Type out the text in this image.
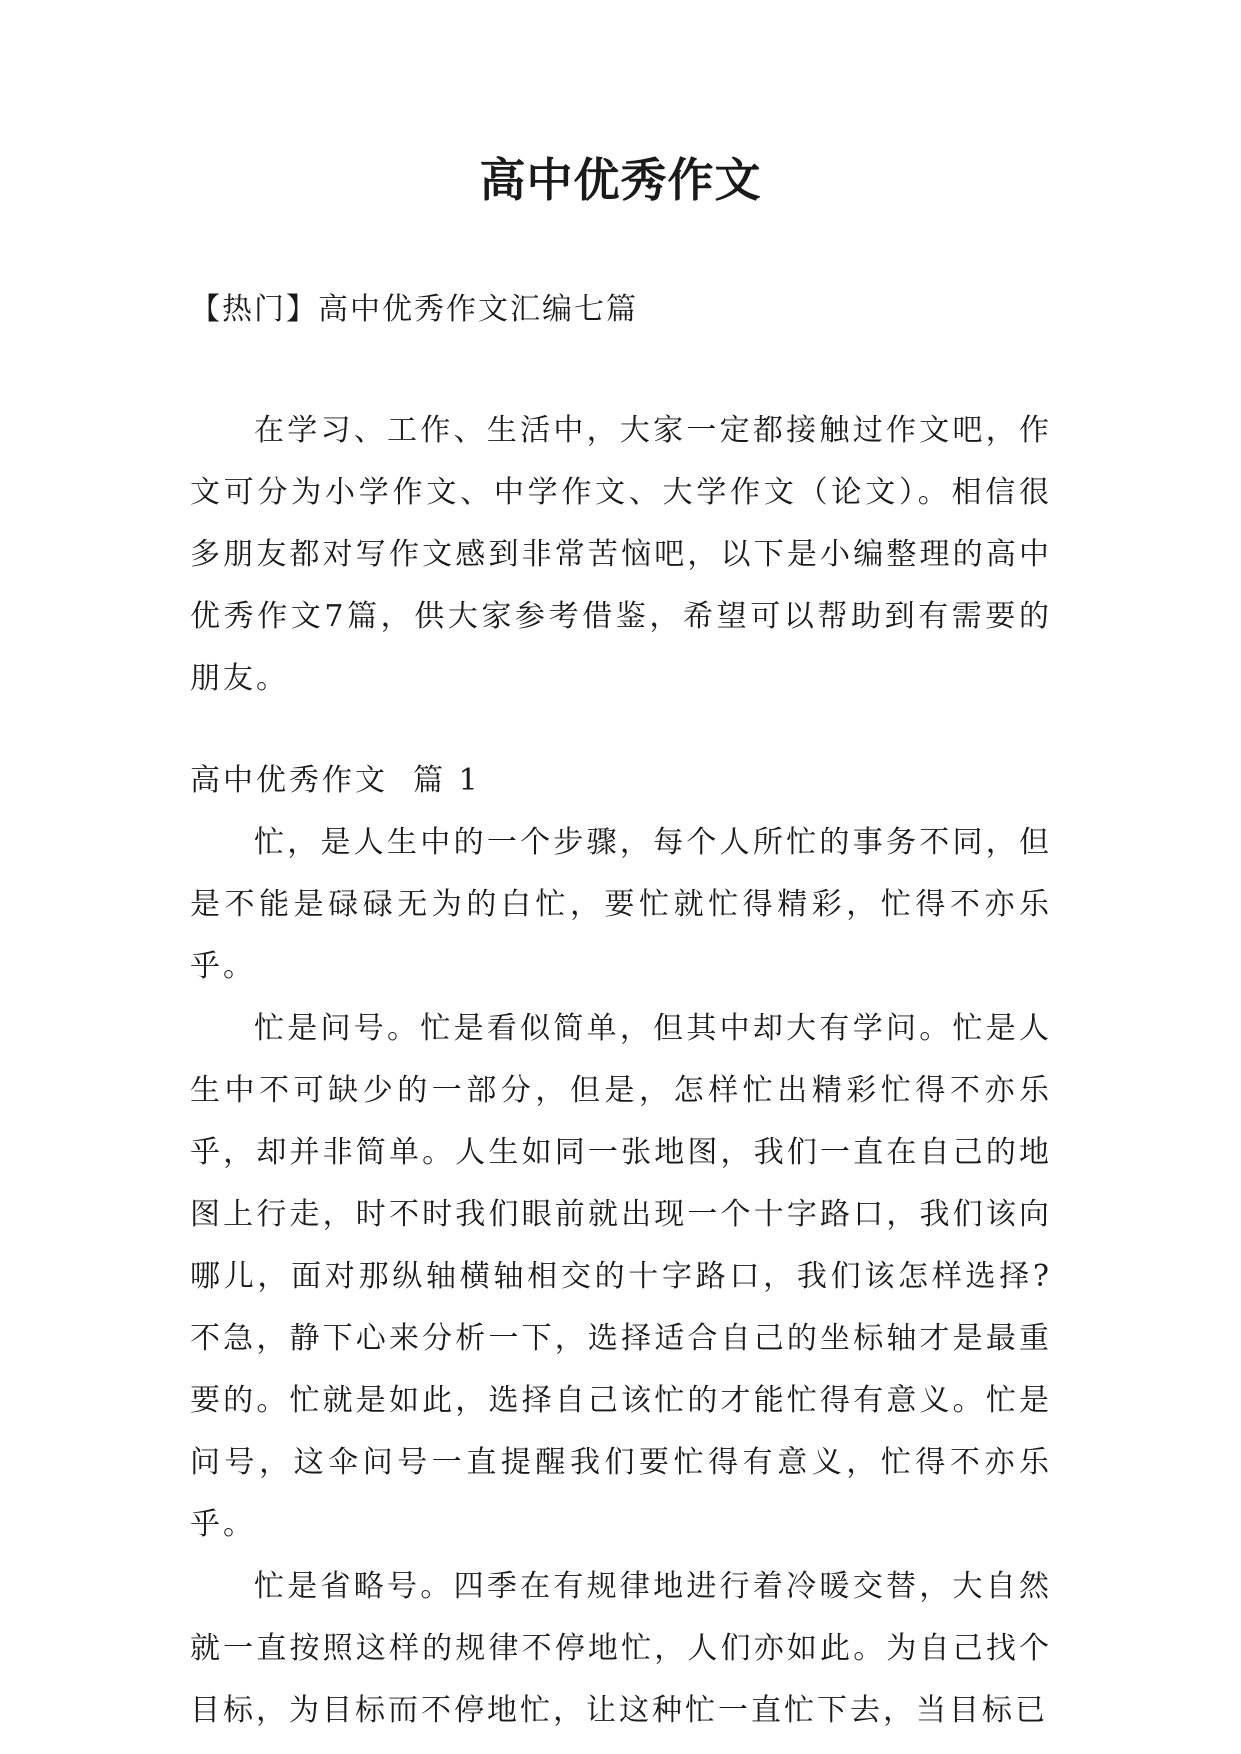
高中优秀作文
【热门】高中优秀作文汇编七篇

在学习、工作、生活中，大家一定都接触过作文吧，作文可分为小学作文、中学作文、大学作文（论文）。相信很多朋友都对写作文感到非常苦恼吧，以下是小编整理的高中优秀作文7篇，供大家参考借鉴，希望可以帮助到有需要的朋友。

高中优秀作文  篇 1

忙，是人生中的一个步骤，每个人所忙的事务不同，但是不能是碌碌无为的白忙，要忙就忙得精彩，忙得不亦乐乎。

忙是问号。忙是看似简单，但其中却大有学问。忙是人生中不可缺少的一部分，但是，怎样忙出精彩忙得不亦乐乎，却并非简单。人生如同一张地图，我们一直在自己的地图上行走，时不时我们眼前就出现一个十字路口，我们该向哪儿，面对那纵轴横轴相交的十字路口，我们该怎样选择?不急，静下心来分析一下，选择适合自己的坐标轴才是最重要的。忙就是如此，选择自己该忙的才能忙得有意义。忙是问号，这伞问号一直提醒我们要忙得有意义，忙得不亦乐乎。

忙是省略号。四季在有规律地进行着冷暖交替，大自然就一直按照这样的规律不停地忙，人们亦如此。为自己找个目标，为目标而不停地忙，让这种忙一直忙下去，当目标已
